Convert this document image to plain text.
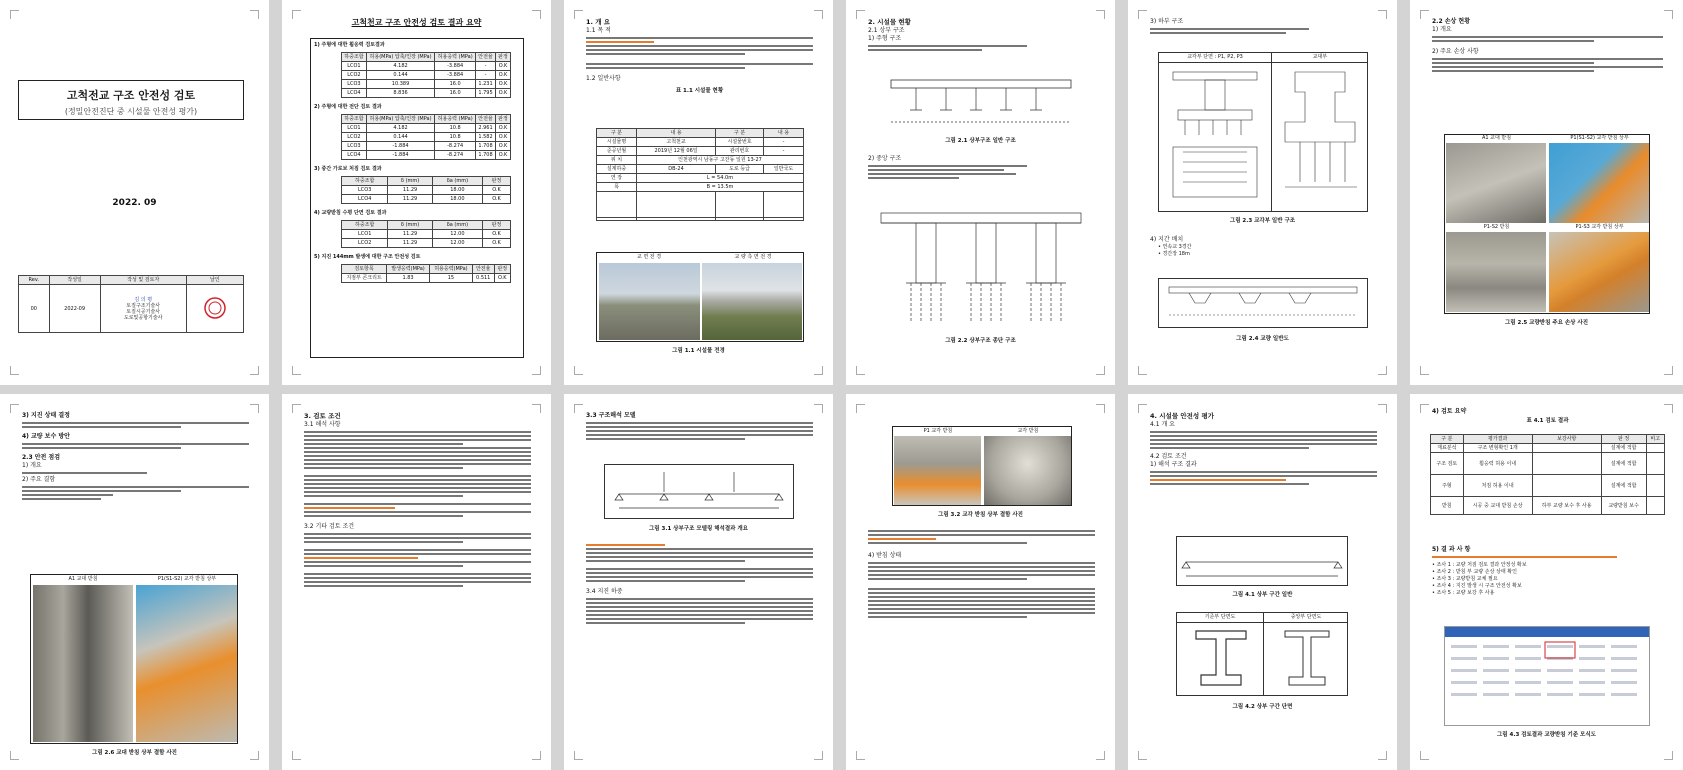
고척전교 구조 안전성 검토
(정밀안전진단 중 시설물 안전성 평가)
2022. 09
Rev.	작성일	작성 및 검토자	날인
00	2022-09	김 의 평
토질구조기술사
토질시공기술사
도로및공항기술사	
고척천교 구조 안전성 검토 결과 요약
1) 주형에 대한 휨응력 검토결과
하중조합	허용(MPa) 압축/인장 (MPa)	허용응력 (MPa)	안전율	판정
LCO1	4.182	-3.884	-	O.K
LCO2	0.144	-3.884	-	O.K
LCO3	10.389	16.0	1.231	O.K
LCO4	8.836	16.0	1.795	O.K
2) 주형에 대한 전단 검토 결과
하중조합	허용(MPa) 압축/인장 (MPa)	허용응력 (MPa)	안전율	판정
LCO1	4.182	10.8	2.961	O.K
LCO2	0.144	10.8	1.582	O.K
LCO3	-1.884	-8.274	1.708	O.K
LCO4	-1.884	-8.274	1.708	O.K
3) 중간 가로보 처짐 검토 결과
하중조합	δ (mm)	δa (mm)	판정
LCO3	11.29	18.00	O.K
LCO4	11.29	18.00	O.K
4) 교량받침 수평 단면 검토 결과
하중조합	δ (mm)	δa (mm)	판정
LCO1	11.29	12.00	O.K
LCO2	11.29	12.00	O.K
5) 지진 144mm 발생에 대한 구조 안전성 검토
검토항목	발생응력(MPa)	허용응력(MPa)	안전율	판정
지점부 콘크리트	1.83	15	0.511	O.K
1. 개 요
1.1 목 적
1.2 일반사항
표 1.1 시설물 현황
구 분	내 용	구 분	내 용
시설물명	고척천교	시설물번호	-
준공년월	2019년 12월 06일	관리번호	-
위 치	인천광역시 남동구 고잔동 일원 13-27		
설계하중	DB-24	도로 등급	일반국도
연 장	L = 54.0m		
폭	B = 13.5m		

교 면 전 경	교 량 측 면 전 경
그림 1.1 시설물 전경
2. 시설물 현황
2.1 상부 구조
1) 주형 구조
그림 2.1 상부구조 일반 구조
2) 중앙 구조
그림 2.2 상부구조 종단 구조
3) 하부 구조
교각부 단면 : P1, P2, P3	교대부
그림 2.3 교각부 일반 구조
4) 지간 배치
• 연속교 3경간
• 경간장 18m
그림 2.4 교량 일반도
2.2 손상 현황
1) 개요
2) 주요 손상 사항
A1 교대 받침	P1(S1-S2) 교각 받침 상부
P1-S2 받침	P1-S3 교각 받침 상부
그림 2.5 교량받침 주요 손상 사진
3) 지진 상태 결정
4) 교량 보수 방안
2.3 안전 점검
1) 개요
2) 주요 결함
A1 교대 받침	P1(S1-S2) 교각 받침 상부
그림 2.6 교대 받침 상부 결함 사진
3. 검토 조건
3.1 해석 사항
3.2 기타 검토 조건
3.3 구조해석 모델
그림 3.1 상부구조 모델링 해석결과 개요
3.4 지진 하중
P1 교각 받침	교각 받침
그림 3.2 교각 받침 상부 결함 사진
4) 받침 상태
4. 시설물 안전성 평가
4.1 개 요
4.2 검토 조건
1) 해석 구조 결과
그림 4.1 상부 구간 일반
기준부 단면도	중앙부 단면도
그림 4.2 상부 구간 단면
4) 검토 요약
표 4.1 검토 결과
구 분	평가결과	보강사항	판 정	비고
재료분석	구조 변형확인 1개		설계에 적합	
구조 검토	휨응력 허용 이내		설계에 적합	
주형	처짐 허용 이내		설계에 적합	
받침	시공 중 교대 받침 손상	하부 교량 보수 후 사용	교량받침 보수	
5) 결 과 사 항
• 조사 1 : 교량 처짐 검토 결과 안정성 확보
• 조사 2 : 받침 부 교량 손상 상태 확인
• 조사 3 : 교량받침 교체 필요
• 조사 4 : 지진 발생 시 구조 안전성 확보
• 조사 5 : 교량 보강 후 사용
그림 4.3 검토결과 교량받침 기준 모식도
